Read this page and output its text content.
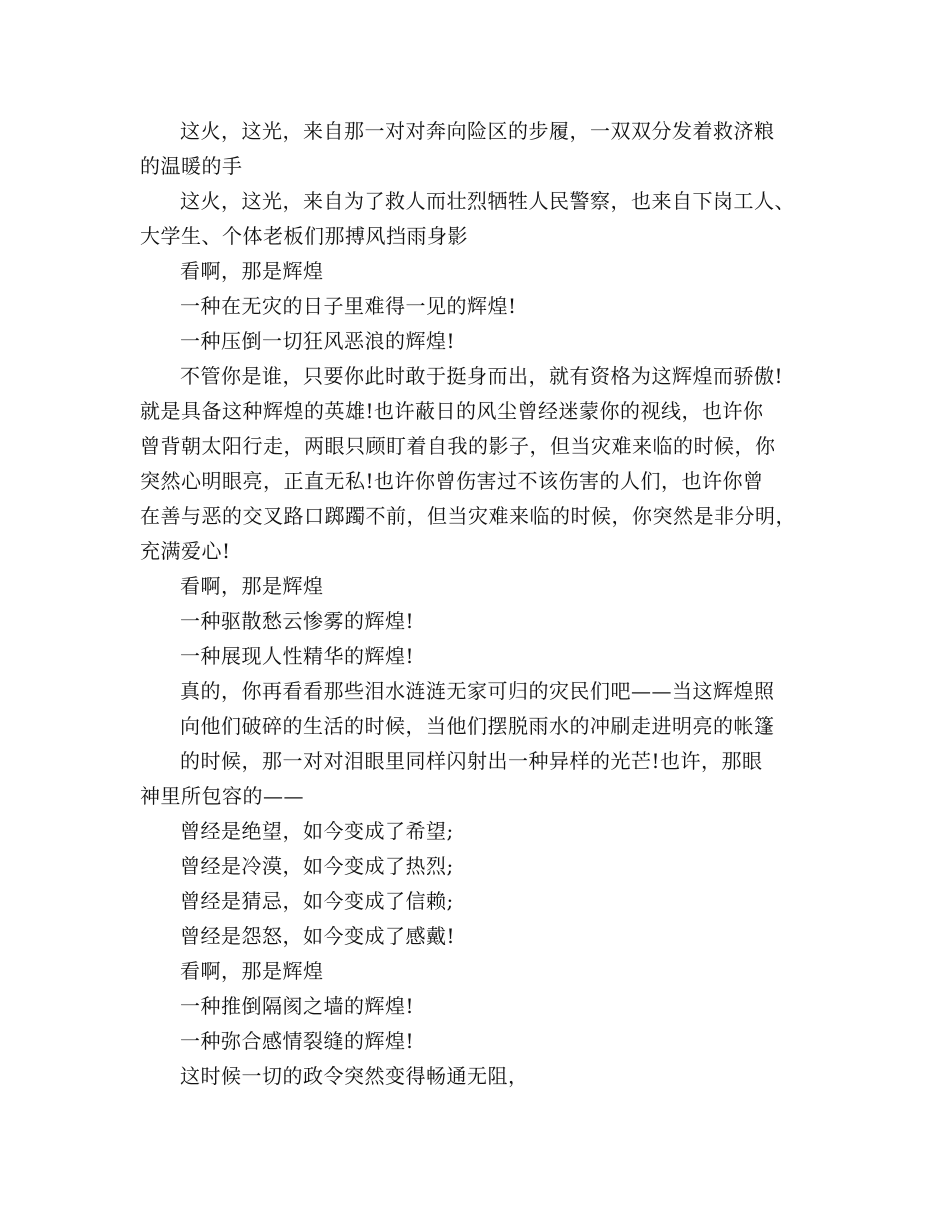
这火，这光，来自那一对对奔向险区的步履，一双双分发着救济粮
的温暖的手

这火，这光，来自为了救人而壮烈牺牲人民警察，也来自下岗工人、
大学生、个体老板们那搏风挡雨身影

看啊，那是辉煌

一种在无灾的日子里难得一见的辉煌!

一种压倒一切狂风恶浪的辉煌!

不管你是谁，只要你此时敢于挺身而出，就有资格为这辉煌而骄傲!
就是具备这种辉煌的英雄!也许蔽日的风尘曾经迷蒙你的视线，也许你
曾背朝太阳行走，两眼只顾盯着自我的影子，但当灾难来临的时候，你
突然心明眼亮，正直无私!也许你曾伤害过不该伤害的人们，也许你曾
在善与恶的交叉路口踯躅不前，但当灾难来临的时候，你突然是非分明，
充满爱心!

看啊，那是辉煌

一种驱散愁云惨雾的辉煌!

一种展现人性精华的辉煌!

真的，你再看看那些泪水涟涟无家可归的灾民们吧——当这辉煌照

向他们破碎的生活的时候，当他们摆脱雨水的冲刷走进明亮的帐篷

的时候，那一对对泪眼里同样闪射出一种异样的光芒!也许，那眼
神里所包容的——

曾经是绝望，如今变成了希望;

曾经是冷漠，如今变成了热烈;

曾经是猜忌，如今变成了信赖;

曾经是怨怒，如今变成了感戴!

看啊，那是辉煌

一种推倒隔阂之墙的辉煌!

一种弥合感情裂缝的辉煌!

这时候一切的政令突然变得畅通无阻，
